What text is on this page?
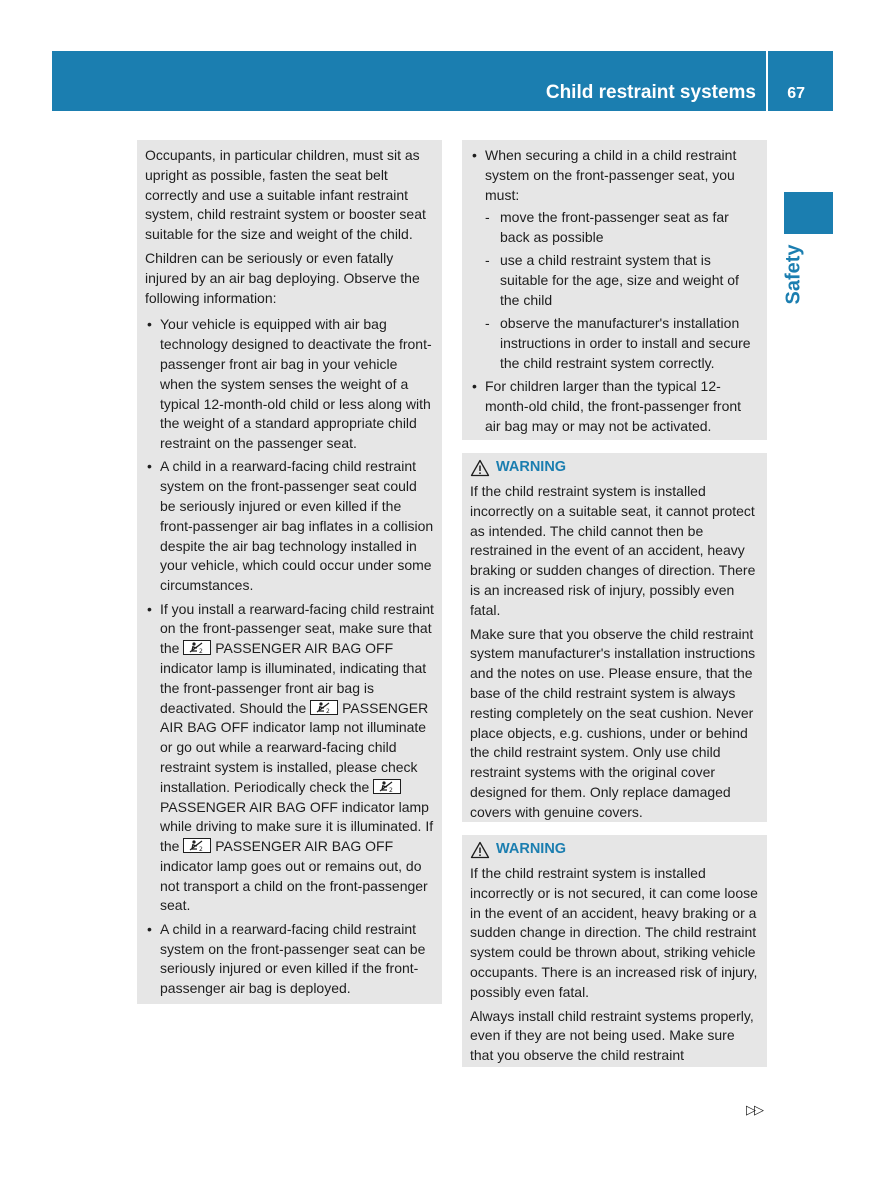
Child restraint systems 67
Safety

Occupants, in particular children, must sit as upright as possible, fasten the seat belt correctly and use a suitable infant restraint system, child restraint system or booster seat suitable for the size and weight of the child.

Children can be seriously or even fatally injured by an air bag deploying. Observe the following information:

• Your vehicle is equipped with air bag technology designed to deactivate the front-passenger front air bag in your vehicle when the system senses the weight of a typical 12-month-old child or less along with the weight of a standard appropriate child restraint on the passenger seat.
• A child in a rearward-facing child restraint system on the front-passenger seat could be seriously injured or even killed if the front-passenger air bag inflates in a collision despite the air bag technology installed in your vehicle, which could occur under some circumstances.
• If you install a rearward-facing child restraint on the front-passenger seat, make sure that the	2 PASSENGER AIR BAG OFF indicator lamp is illuminated, indicating that the front-passenger front air bag is deactivated. Should the	2 PASSENGER AIR BAG OFF indicator lamp not illuminate or go out while a rearward-facing child restraint system is installed, please check installation. Periodically check the	2
PASSENGER AIR BAG OFF indicator lamp while driving to make sure it is illuminated. If the	2 PASSENGER AIR BAG OFF indicator lamp goes out or remains out, do not transport a child on the front-passenger seat.
• A child in a rearward-facing child restraint system on the front-passenger seat can be seriously injured or even killed if the front-passenger air bag is deployed.
• When securing a child in a child restraint system on the front-passenger seat, you must:
- move the front-passenger seat as far back as possible
- use a child restraint system that is suitable for the age, size and weight of the child
- observe the manufacturer's installation instructions in order to install and secure the child restraint system correctly.
• For children larger than the typical 12-month-old child, the front-passenger front air bag may or may not be activated.
WARNING

If the child restraint system is installed incorrectly on a suitable seat, it cannot protect as intended. The child cannot then be restrained in the event of an accident, heavy braking or sudden changes of direction. There is an increased risk of injury, possibly even fatal.

Make sure that you observe the child restraint system manufacturer's installation instructions and the notes on use. Please ensure, that the base of the child restraint system is always resting completely on the seat cushion. Never place objects, e.g. cushions, under or behind the child restraint system. Only use child restraint systems with the original cover designed for them. Only replace damaged covers with genuine covers.

WARNING

If the child restraint system is installed incorrectly or is not secured, it can come loose in the event of an accident, heavy braking or a sudden change in direction. The child restraint system could be thrown about, striking vehicle occupants. There is an increased risk of injury, possibly even fatal.

Always install child restraint systems properly, even if they are not being used. Make sure that you observe the child restraint

▷▷
